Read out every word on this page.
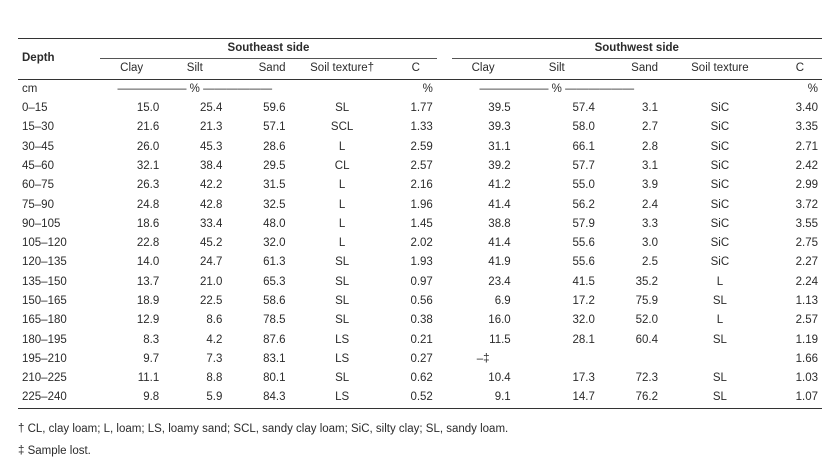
Depth	Southeast side						Southwest side				
	Clay	Silt	Sand	Soil texture†	C		Clay	Silt	Sand	Soil texture	C
cm	—————— % ——————				%		—————— % ——————				%
0–15	15.0	25.4	59.6	SL	1.77		39.5	57.4	3.1	SiC	3.40
15–30	21.6	21.3	57.1	SCL	1.33		39.3	58.0	2.7	SiC	3.35
30–45	26.0	45.3	28.6	L	2.59		31.1	66.1	2.8	SiC	2.71
45–60	32.1	38.4	29.5	CL	2.57		39.2	57.7	3.1	SiC	2.42
60–75	26.3	42.2	31.5	L	2.16		41.2	55.0	3.9	SiC	2.99
75–90	24.8	42.8	32.5	L	1.96		41.4	56.2	2.4	SiC	3.72
90–105	18.6	33.4	48.0	L	1.45		38.8	57.9	3.3	SiC	3.55
105–120	22.8	45.2	32.0	L	2.02		41.4	55.6	3.0	SiC	2.75
120–135	14.0	24.7	61.3	SL	1.93		41.9	55.6	2.5	SiC	2.27
135–150	13.7	21.0	65.3	SL	0.97		23.4	41.5	35.2	L	2.24
150–165	18.9	22.5	58.6	SL	0.56		6.9	17.2	75.9	SL	1.13
165–180	12.9	8.6	78.5	SL	0.38		16.0	32.0	52.0	L	2.57
180–195	8.3	4.2	87.6	LS	0.21		11.5	28.1	60.4	SL	1.19
195–210	9.7	7.3	83.1	LS	0.27		–‡				1.66
210–225	11.1	8.8	80.1	SL	0.62		10.4	17.3	72.3	SL	1.03
225–240	9.8	5.9	84.3	LS	0.52		9.1	14.7	76.2	SL	1.07
† CL, clay loam; L, loam; LS, loamy sand; SCL, sandy clay loam; SiC, silty clay; SL, sandy loam.
‡ Sample lost.
